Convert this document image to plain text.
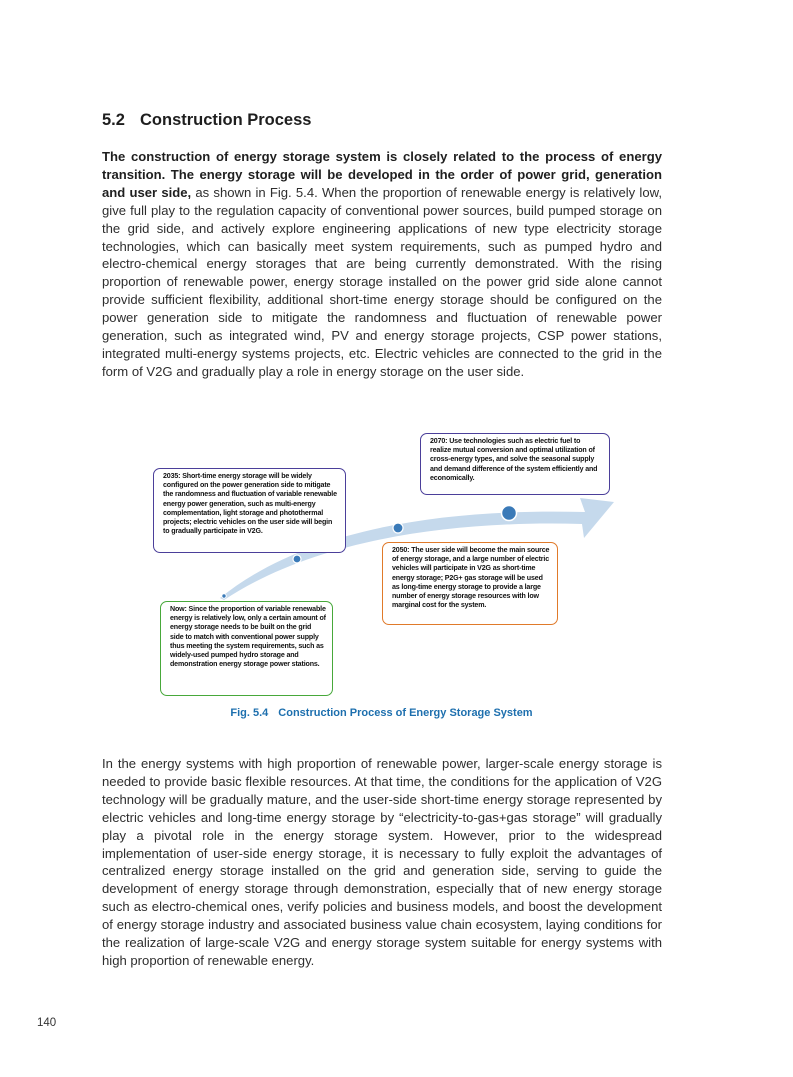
5.2 Construction Process
The construction of energy storage system is closely related to the process of energy transition. The energy storage will be developed in the order of power grid, generation and user side, as shown in Fig. 5.4. When the proportion of renewable energy is relatively low, give full play to the regulation capacity of conventional power sources, build pumped storage on the grid side, and actively explore engineering applications of new type electricity storage technologies, which can basically meet system requirements, such as pumped hydro and electro-chemical energy storages that are being currently demonstrated. With the rising proportion of renewable power, energy storage installed on the power grid side alone cannot provide sufficient flexibility, additional short-time energy storage should be configured on the power generation side to mitigate the randomness and fluctuation of renewable power generation, such as integrated wind, PV and energy storage projects, CSP power stations, integrated multi-energy systems projects, etc. Electric vehicles are connected to the grid in the form of V2G and gradually play a role in energy storage on the user side.
2070: Use technologies such as electric fuel to realize mutual conversion and optimal utilization of cross-energy types, and solve the seasonal supply and demand difference of the system efficiently and economically.
2035: Short-time energy storage will be widely configured on the power generation side to mitigate the randomness and fluctuation of variable renewable energy power generation, such as multi-energy complementation, light storage and photothermal projects; electric vehicles on the user side will begin to gradually participate in V2G.
2050: The user side will become the main source of energy storage, and a large number of electric vehicles will participate in V2G as short-time energy storage; P2G+ gas storage will be used as long-time energy storage to provide a large number of energy storage resources with low marginal cost for the system.
Now: Since the proportion of variable renewable energy is relatively low, only a certain amount of energy storage needs to be built on the grid side to match with conventional power supply thus meeting the system requirements, such as widely-used pumped hydro storage and demonstration energy storage power stations.
Fig. 5.4 Construction Process of Energy Storage System
In the energy systems with high proportion of renewable power, larger-scale energy storage is needed to provide basic flexible resources. At that time, the conditions for the application of V2G technology will be gradually mature, and the user-side short-time energy storage represented by electric vehicles and long-time energy storage by “electricity-to-gas+gas storage” will gradually play a pivotal role in the energy storage system. However, prior to the widespread implementation of user-side energy storage, it is necessary to fully exploit the advantages of centralized energy storage installed on the grid and generation side, serving to guide the development of energy storage through demonstration, especially that of new energy storage such as electro-chemical ones, verify policies and business models, and boost the development of energy storage industry and associated business value chain ecosystem, laying conditions for the realization of large-scale V2G and energy storage system suitable for energy systems with high proportion of renewable energy.
140
